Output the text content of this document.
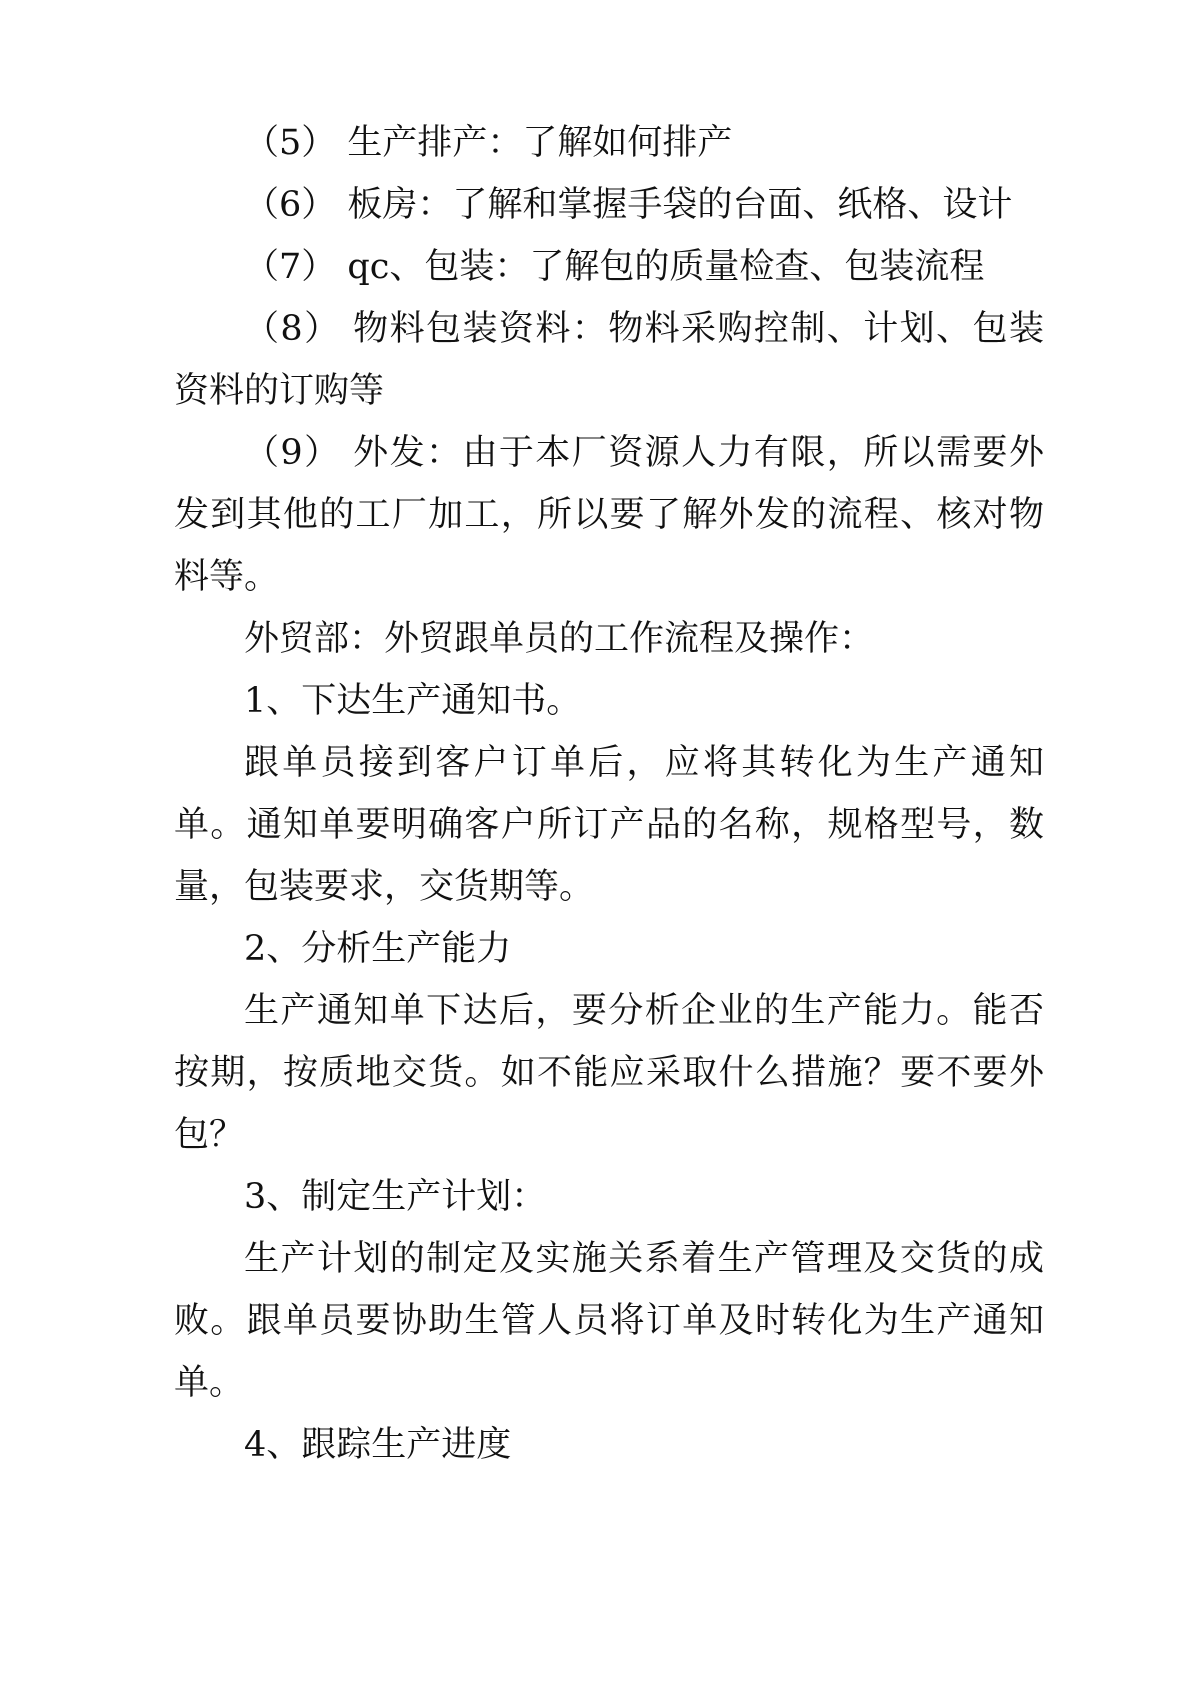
（5） 生产排产：了解如何排产

（6） 板房：了解和掌握手袋的台面、纸格、设计

（7） qc、包装：了解包的质量检查、包装流程

（8） 物料包装资料：物料采购控制、计划、包装资料的订购等

（9） 外发：由于本厂资源人力有限，所以需要外发到其他的工厂加工，所以要了解外发的流程、核对物料等。

外贸部：外贸跟单员的工作流程及操作：

1、下达生产通知书。

跟单员接到客户订单后，应将其转化为生产通知单。通知单要明确客户所订产品的名称，规格型号，数量，包装要求，交货期等。

2、分析生产能力

生产通知单下达后，要分析企业的生产能力。能否按期，按质地交货。如不能应采取什么措施？要不要外包？

3、制定生产计划：

生产计划的制定及实施关系着生产管理及交货的成败。跟单员要协助生管人员将订单及时转化为生产通知单。

4、跟踪生产进度
